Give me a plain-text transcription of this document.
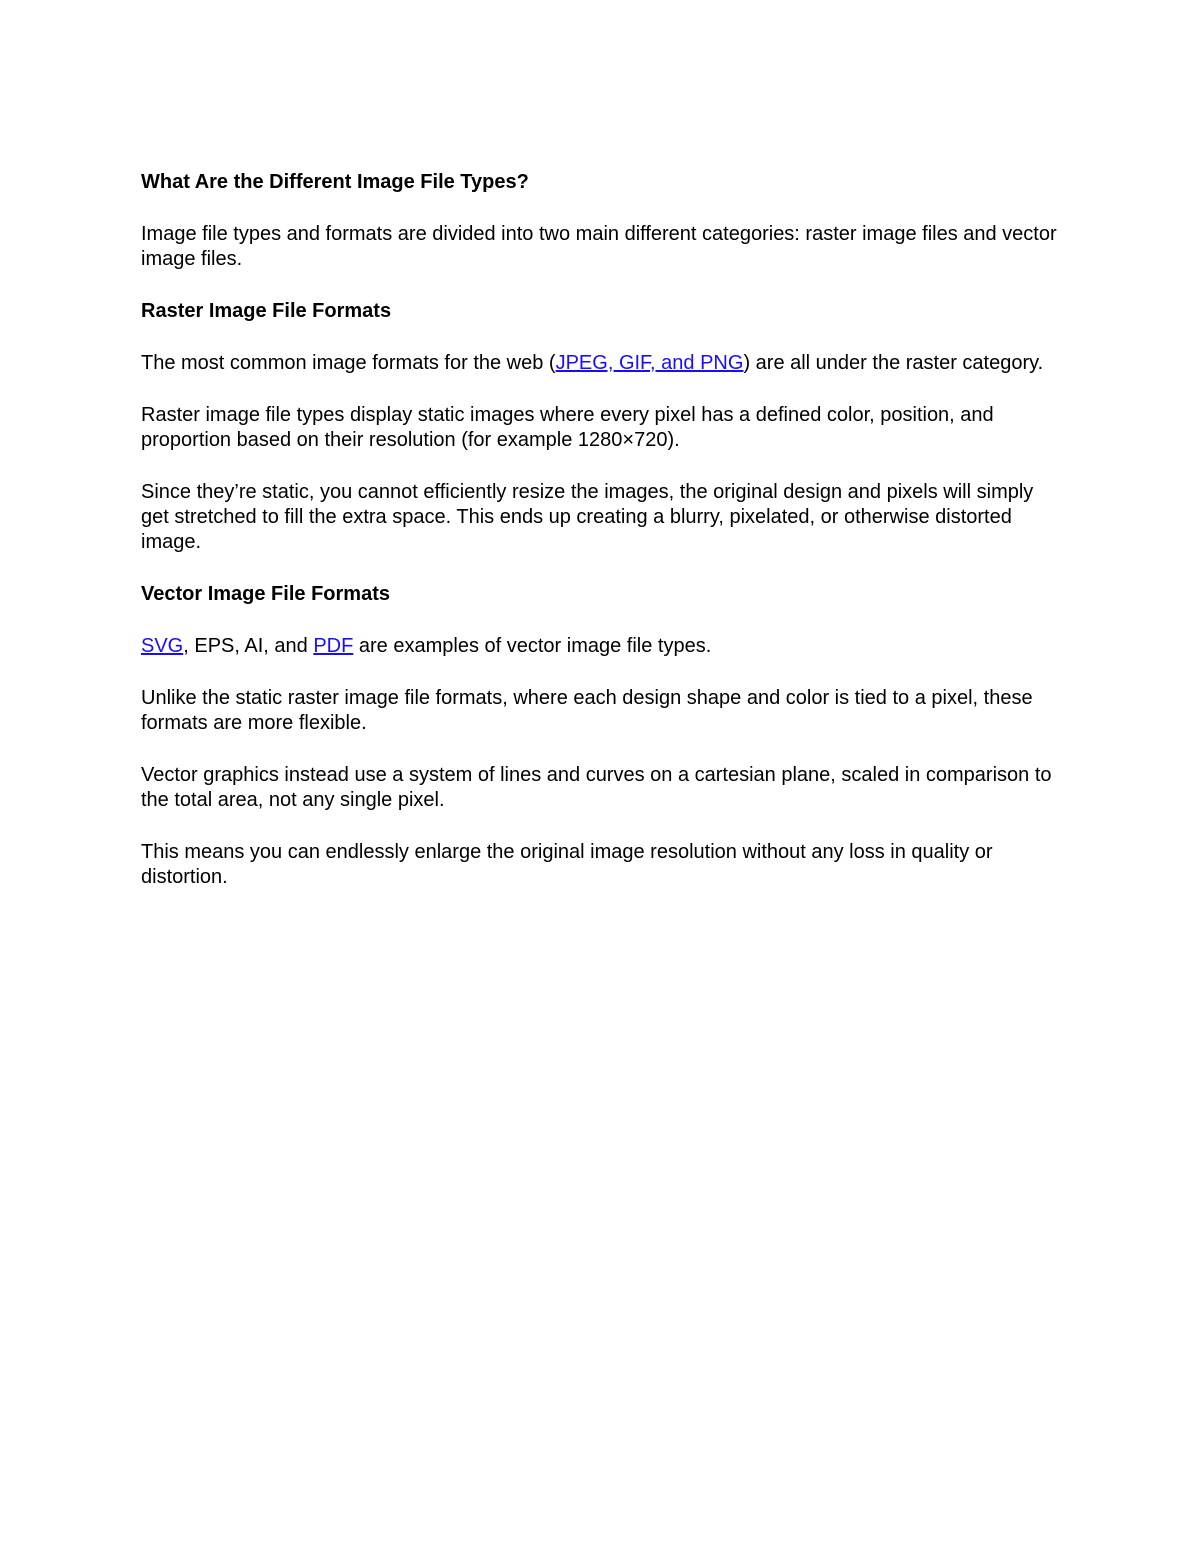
What Are the Different Image File Types?

Image file types and formats are divided into two main different categories: raster image files and vector image files.

Raster Image File Formats

The most common image formats for the web (JPEG, GIF, and PNG) are all under the raster category.

Raster image file types display static images where every pixel has a defined color, position, and proportion based on their resolution (for example 1280×720).

Since they’re static, you cannot efficiently resize the images, the original design and pixels will simply get stretched to fill the extra space. This ends up creating a blurry, pixelated, or otherwise distorted image.

Vector Image File Formats

SVG, EPS, AI, and PDF are examples of vector image file types.

Unlike the static raster image file formats, where each design shape and color is tied to a pixel, these formats are more flexible.

Vector graphics instead use a system of lines and curves on a cartesian plane, scaled in comparison to the total area, not any single pixel.

This means you can endlessly enlarge the original image resolution without any loss in quality or distortion.
